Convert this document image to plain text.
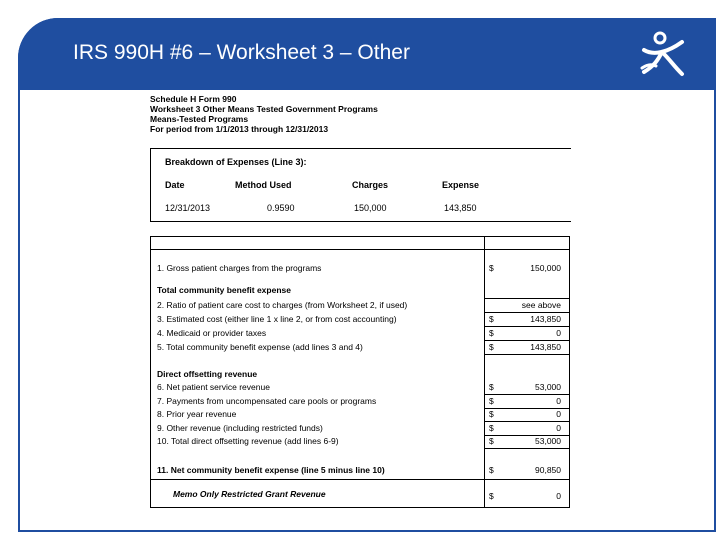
IRS 990H #6 – Worksheet 3 – Other
Schedule H Form 990
Worksheet 3 Other Means Tested Government Programs
Means-Tested Programs
For period from 1/1/2013 through 12/31/2013
Breakdown of Expenses (Line 3):
Date	Method Used	Charges	Expense
12/31/2013	0.9590	150,000	143,850
1. Gross patient charges from the programs	$	150,000
Total community benefit expense
2. Ratio of patient care cost to charges (from Worksheet 2, if used)	see above
3. Estimated cost (either line 1 x line 2, or from cost accounting)	$	143,850
4. Medicaid or provider taxes	$	0
5. Total community benefit expense (add lines 3 and 4)	$	143,850
Direct offsetting revenue
6. Net patient service revenue	$	53,000
7. Payments from uncompensated care pools or programs	$	0
8. Prior year revenue	$	0
9. Other revenue (including restricted funds)	$	0
10. Total direct offsetting revenue (add lines 6-9)	$	53,000
11. Net community benefit expense (line 5 minus line 10)	$	90,850
Memo Only Restricted Grant Revenue	$	0
